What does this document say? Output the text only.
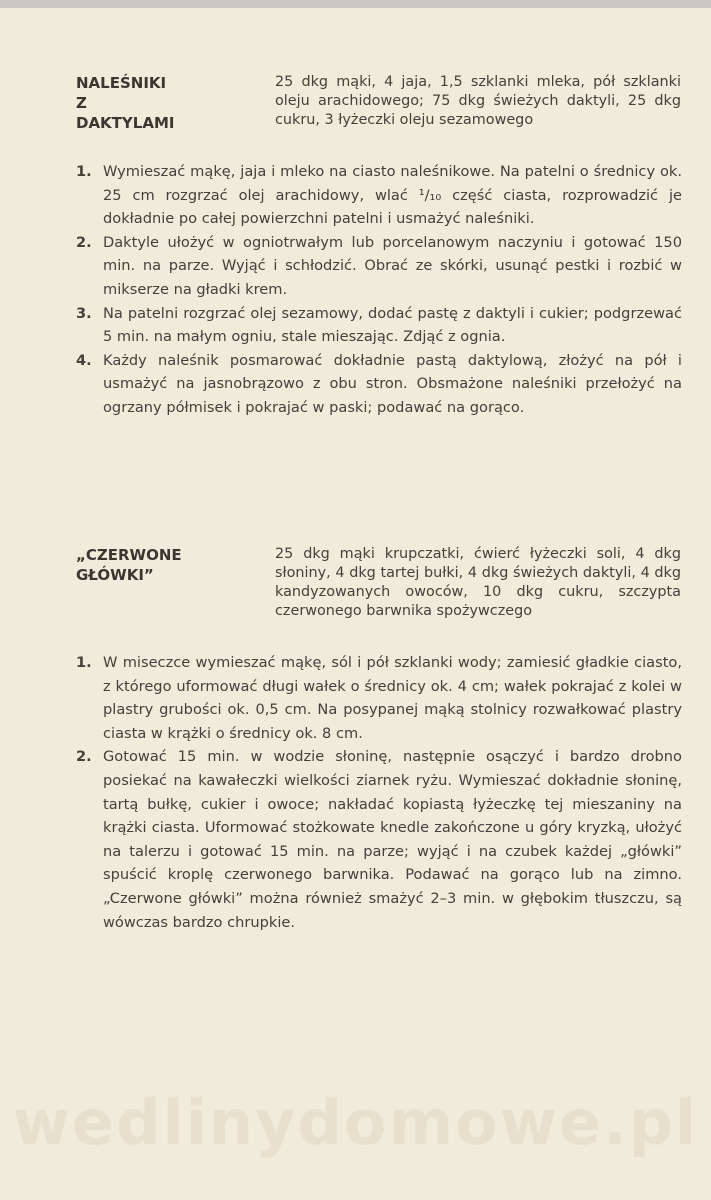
NALEŚNIKI
Z
DAKTYLAMI
25 dkg mąki, 4 jaja, 1,5 szklanki mleka, pół szklanki oleju arachidowego; 75 dkg świeżych daktyli, 25 dkg cukru, 3 łyżeczki oleju sezamowego
1. Wymieszać mąkę, jaja i mleko na ciasto naleśnikowe. Na patelni o średnicy ok. 25 cm rozgrzać olej arachidowy, wlać ¹/₁₀ część ciasta, rozprowadzić je dokładnie po całej powierzchni patelni i usmażyć naleśniki.
2. Daktyle ułożyć w ogniotrwałym lub porcelanowym naczyniu i gotować 150 min. na parze. Wyjąć i schłodzić. Obrać ze skórki, usunąć pestki i rozbić w mikserze na gładki krem.
3. Na patelni rozgrzać olej sezamowy, dodać pastę z daktyli i cukier; podgrzewać 5 min. na małym ogniu, stale mieszając. Zdjąć z ognia.
4. Każdy naleśnik posmarować dokładnie pastą daktylową, złożyć na pół i usmażyć na jasnobrązowo z obu stron. Obsmażone naleśniki przełożyć na ogrzany półmisek i pokrajać w paski; podawać na gorąco.
„CZERWONE
GŁÓWKI”
25 dkg mąki krupczatki, ćwierć łyżeczki soli, 4 dkg słoniny, 4 dkg tartej bułki, 4 dkg świeżych daktyli, 4 dkg kandyzowanych owoców, 10 dkg cukru, szczypta czerwonego barwnika spożywczego
1. W miseczce wymieszać mąkę, sól i pół szklanki wody; zamiesić gładkie ciasto, z którego uformować długi wałek o średnicy ok. 4 cm; wałek pokrajać z kolei w plastry grubości ok. 0,5 cm. Na posypanej mąką stolnicy rozwałkować plastry ciasta w krążki o średnicy ok. 8 cm.
2. Gotować 15 min. w wodzie słoninę, następnie osączyć i bardzo drobno posiekać na kawałeczki wielkości ziarnek ryżu. Wymieszać dokładnie słoninę, tartą bułkę, cukier i owoce; nakładać kopiastą łyżeczkę tej mieszaniny na krążki ciasta. Uformować stożkowate knedle zakończone u góry kryzką, ułożyć na talerzu i gotować 15 min. na parze; wyjąć i na czubek każdej „główki” spuścić kroplę czerwonego barwnika. Podawać na gorąco lub na zimno. „Czerwone główki” można również smażyć 2–3 min. w głębokim tłuszczu, są wówczas bardzo chrupkie.
wedlinydomowe.pl
